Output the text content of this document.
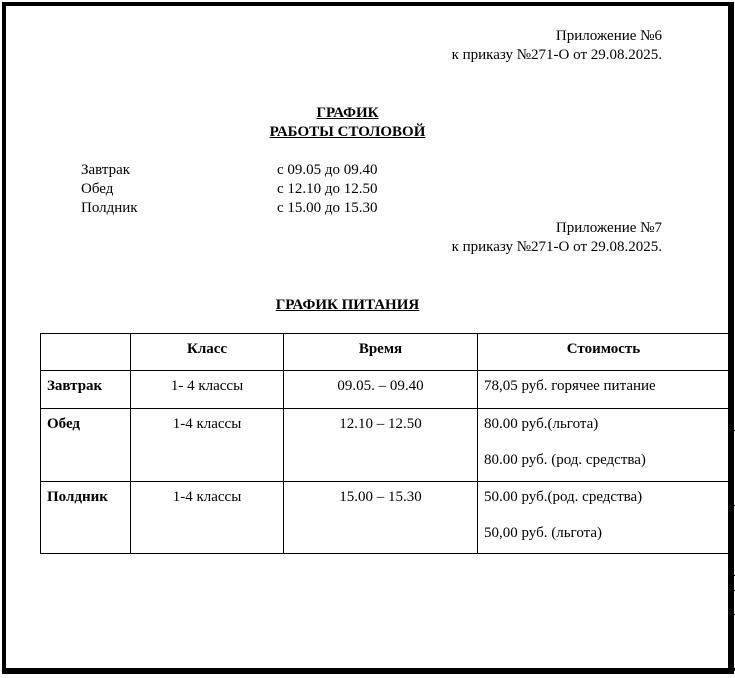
Приложение №6
к приказу №271-О от 29.08.2025.
ГРАФИК
РАБОТЫ СТОЛОВОЙ
Завтрак	с 09.05 до 09.40
Обед	с 12.10 до 12.50
Полдник	с 15.00 до 15.30
Приложение №7
к приказу №271-О от 29.08.2025.
ГРАФИК ПИТАНИЯ
	Класс	Время	Стоимость
Завтрак	1- 4 классы	09.05. – 09.40	78,05 руб. горячее питание

Обед	1-4 классы	12.10 – 12.50	80.00 руб.(льгота)
80.00 руб. (род. средства)

Полдник	1-4 классы	15.00 – 15.30	50.00 руб.(род. средства)
50,00 руб. (льгота)
